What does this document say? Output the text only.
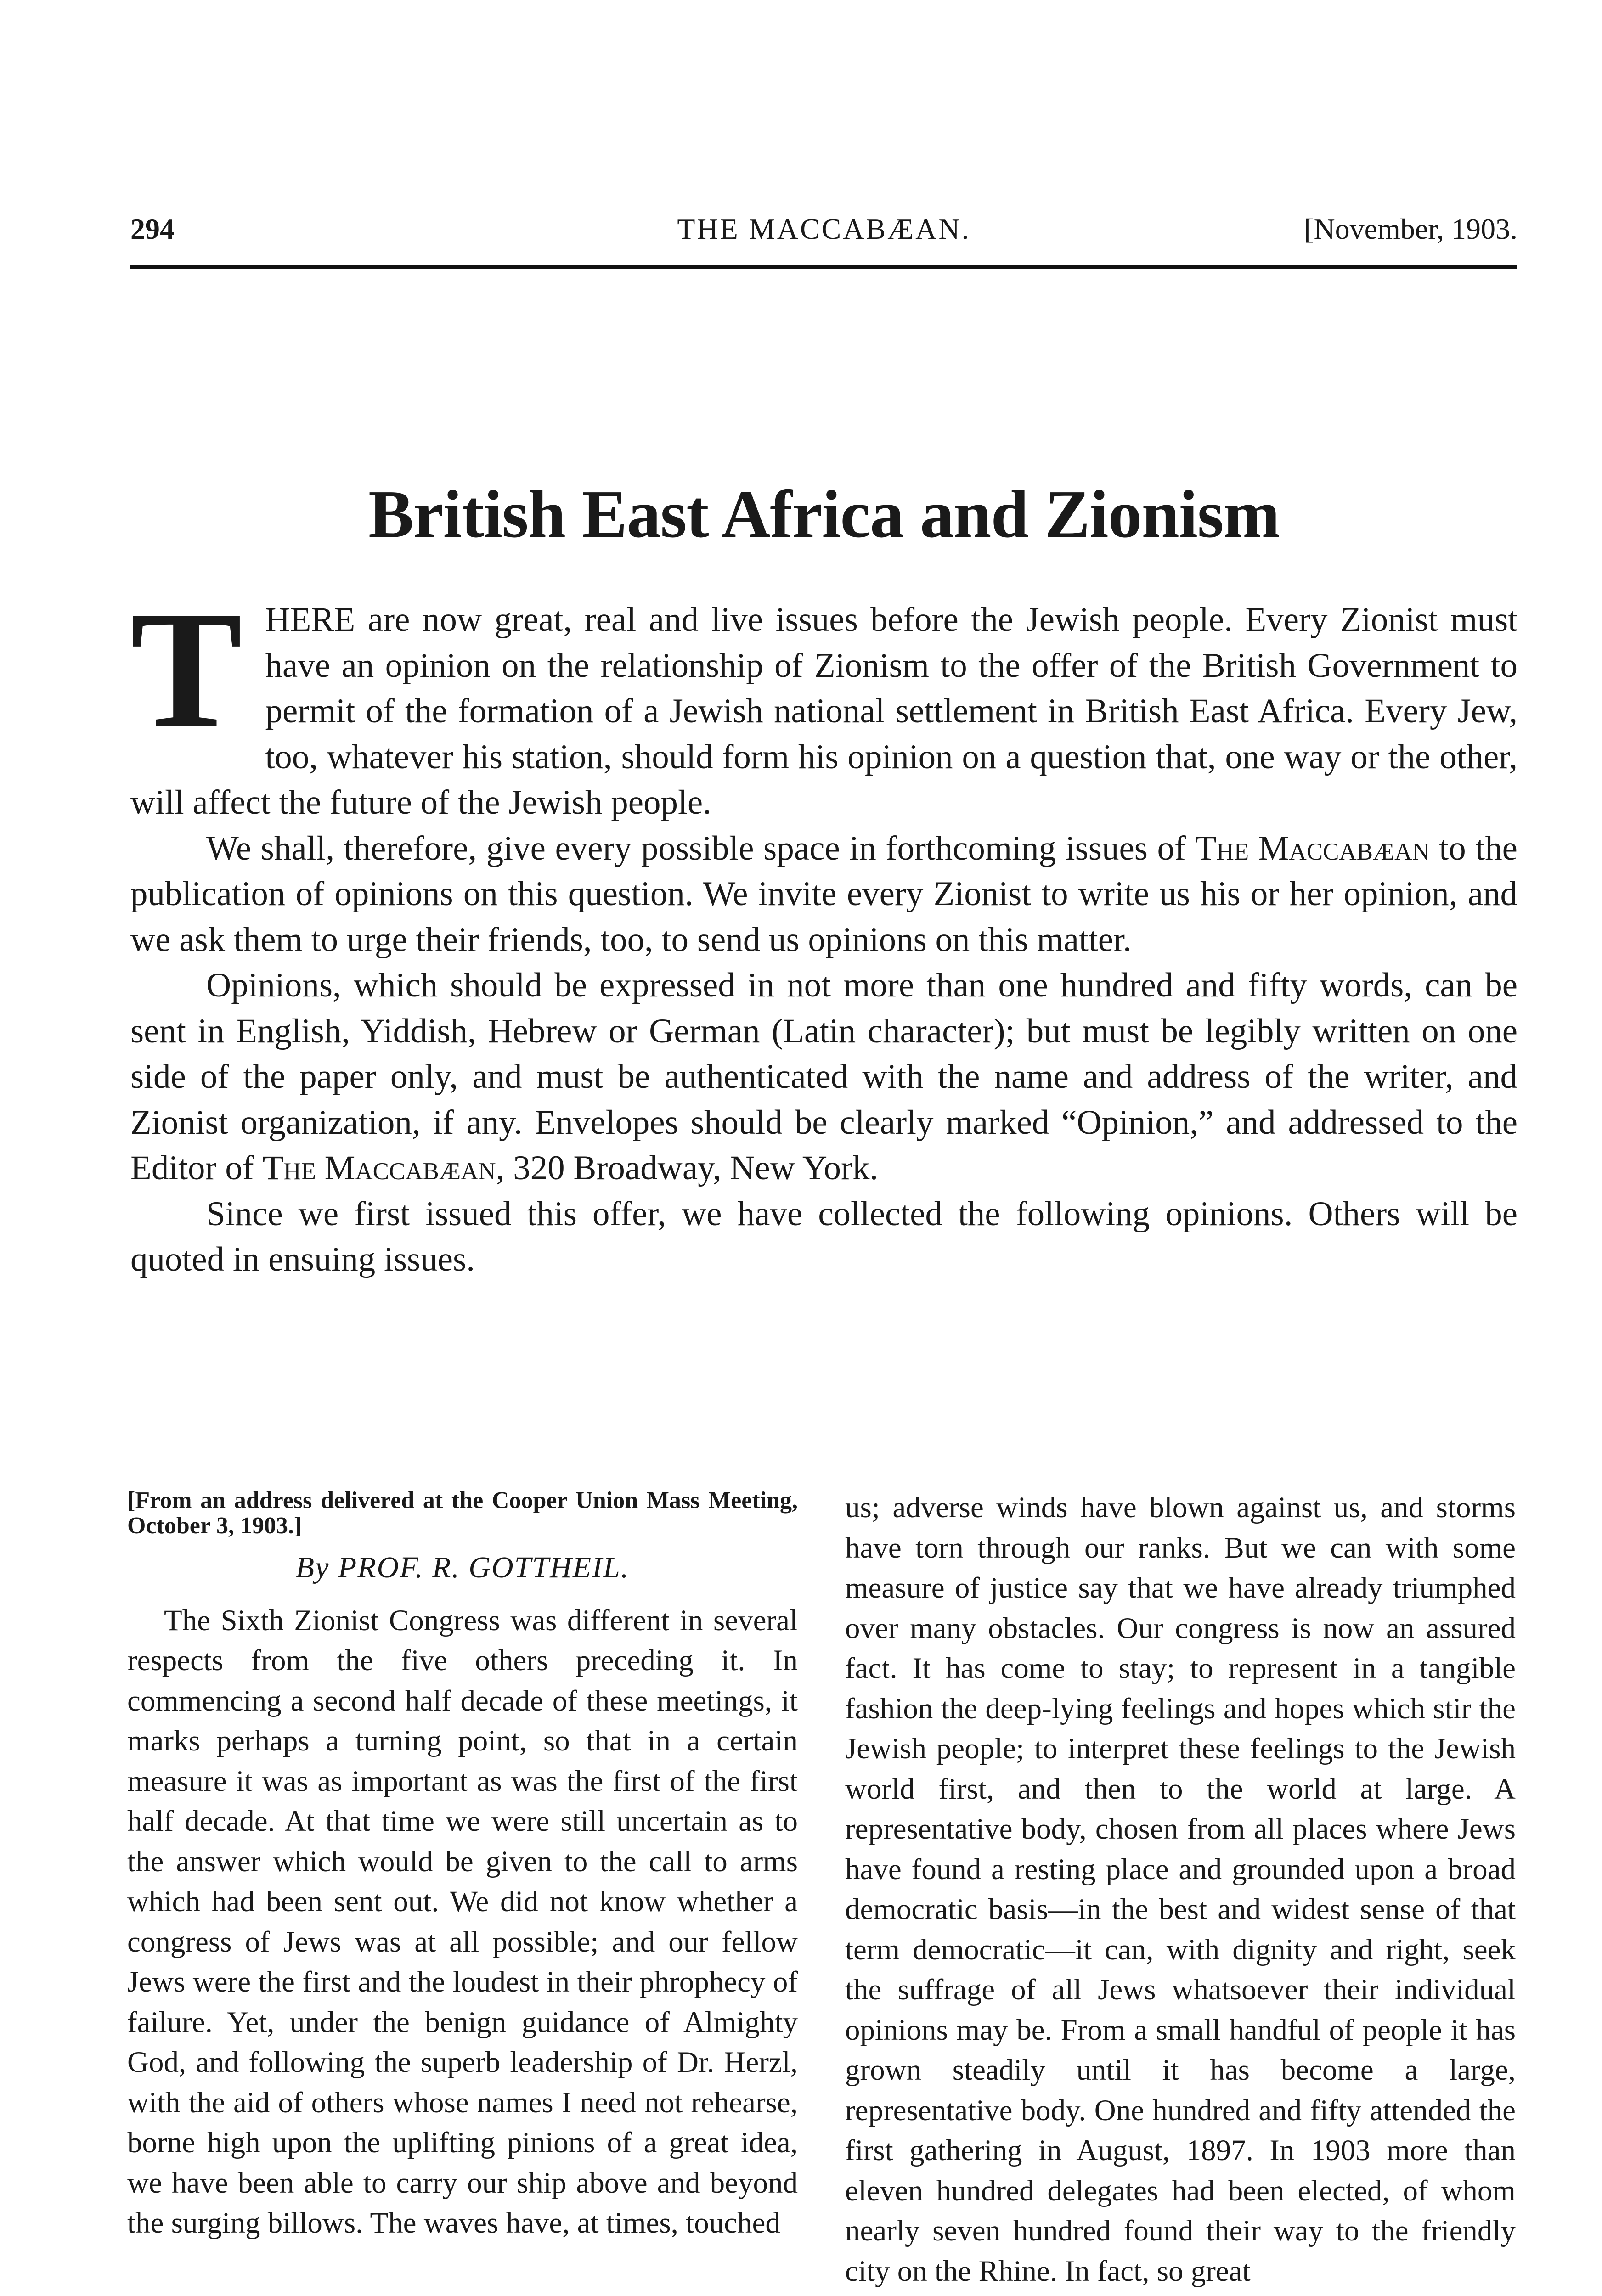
294	THE MACCABÆAN.	[November, 1903.
British East Africa and Zionism

THERE are now great, real and live issues before the Jewish people. Every Zionist must have an opinion on the relationship of Zionism to the offer of the British Government to permit of the formation of a Jewish national settlement in British East Africa. Every Jew, too, whatever his station, should form his opinion on a question that, one way or the other, will affect the future of the Jewish people.

We shall, therefore, give every possible space in forthcoming issues of The Maccabæan to the publication of opinions on this question. We invite every Zionist to write us his or her opinion, and we ask them to urge their friends, too, to send us opinions on this matter.

Opinions, which should be expressed in not more than one hundred and fifty words, can be sent in English, Yiddish, Hebrew or German (Latin character); but must be legibly written on one side of the paper only, and must be authenticated with the name and address of the writer, and Zionist organization, if any. Envelopes should be clearly marked “Opinion,” and addressed to the Editor of The Maccabæan, 320 Broadway, New York.

Since we first issued this offer, we have collected the following opinions. Others will be quoted in ensuing issues.

[From an address delivered at the Cooper Union Mass Meeting, October 3, 1903.]

By PROF. R. GOTTHEIL.

The Sixth Zionist Congress was different in several respects from the five others preceding it. In commencing a second half decade of these meetings, it marks perhaps a turning point, so that in a certain measure it was as important as was the first of the first half decade. At that time we were still uncertain as to the answer which would be given to the call to arms which had been sent out. We did not know whether a congress of Jews was at all possible; and our fellow Jews were the first and the loudest in their phrophecy of failure. Yet, under the benign guidance of Almighty God, and following the superb leadership of Dr. Herzl, with the aid of others whose names I need not rehearse, borne high upon the uplifting pinions of a great idea, we have been able to carry our ship above and beyond the surging billows. The waves have, at times, touched

us; adverse winds have blown against us, and storms have torn through our ranks. But we can with some measure of justice say that we have already triumphed over many obstacles. Our congress is now an assured fact. It has come to stay; to represent in a tangible fashion the deep-lying feelings and hopes which stir the Jewish people; to interpret these feelings to the Jewish world first, and then to the world at large. A representative body, chosen from all places where Jews have found a resting place and grounded upon a broad democratic basis—in the best and widest sense of that term democratic—it can, with dignity and right, seek the suffrage of all Jews whatsoever their individual opinions may be. From a small handful of people it has grown steadily until it has become a large, representative body. One hundred and fifty attended the first gathering in August, 1897. In 1903 more than eleven hundred delegates had been elected, of whom nearly seven hundred found their way to the friendly city on the Rhine. In fact, so great
